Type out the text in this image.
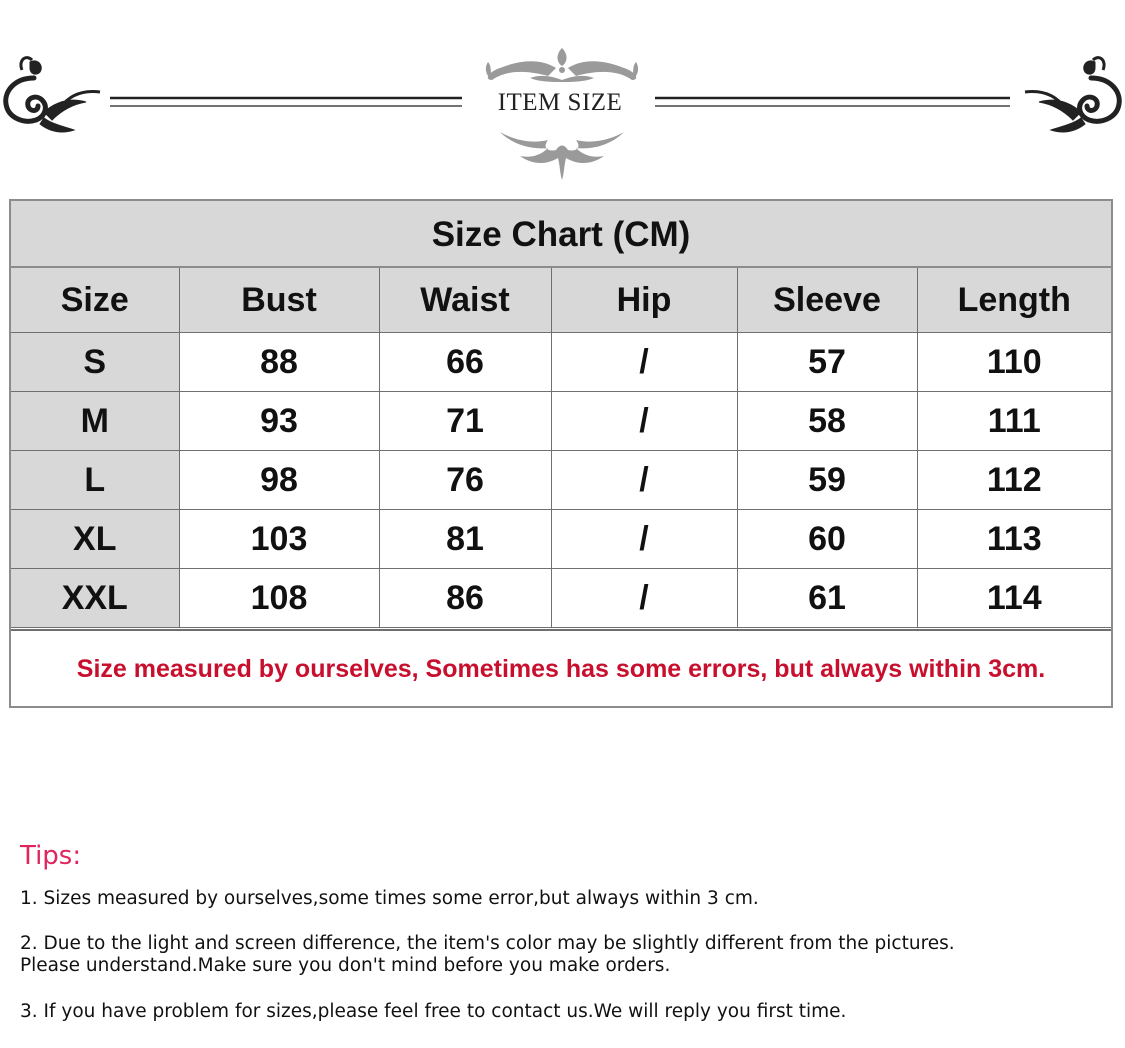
ITEM SIZE
Size Chart (CM)
Size	Bust	Waist	Hip	Sleeve	Length
S	88	66	/	57	110
M	93	71	/	58	111
L	98	76	/	59	112
XL	103	81	/	60	113
XXL	108	86	/	61	114
Size measured by ourselves, Sometimes has some errors, but always within 3cm.
Tips:

1. Sizes measured by ourselves,some times some error,but always within 3 cm.

2. Due to the light and screen difference, the item's color may be slightly different from the pictures.

Please understand.Make sure you don't mind before you make orders.

3. If you have problem for sizes,please feel free to contact us.We will reply you first time.
